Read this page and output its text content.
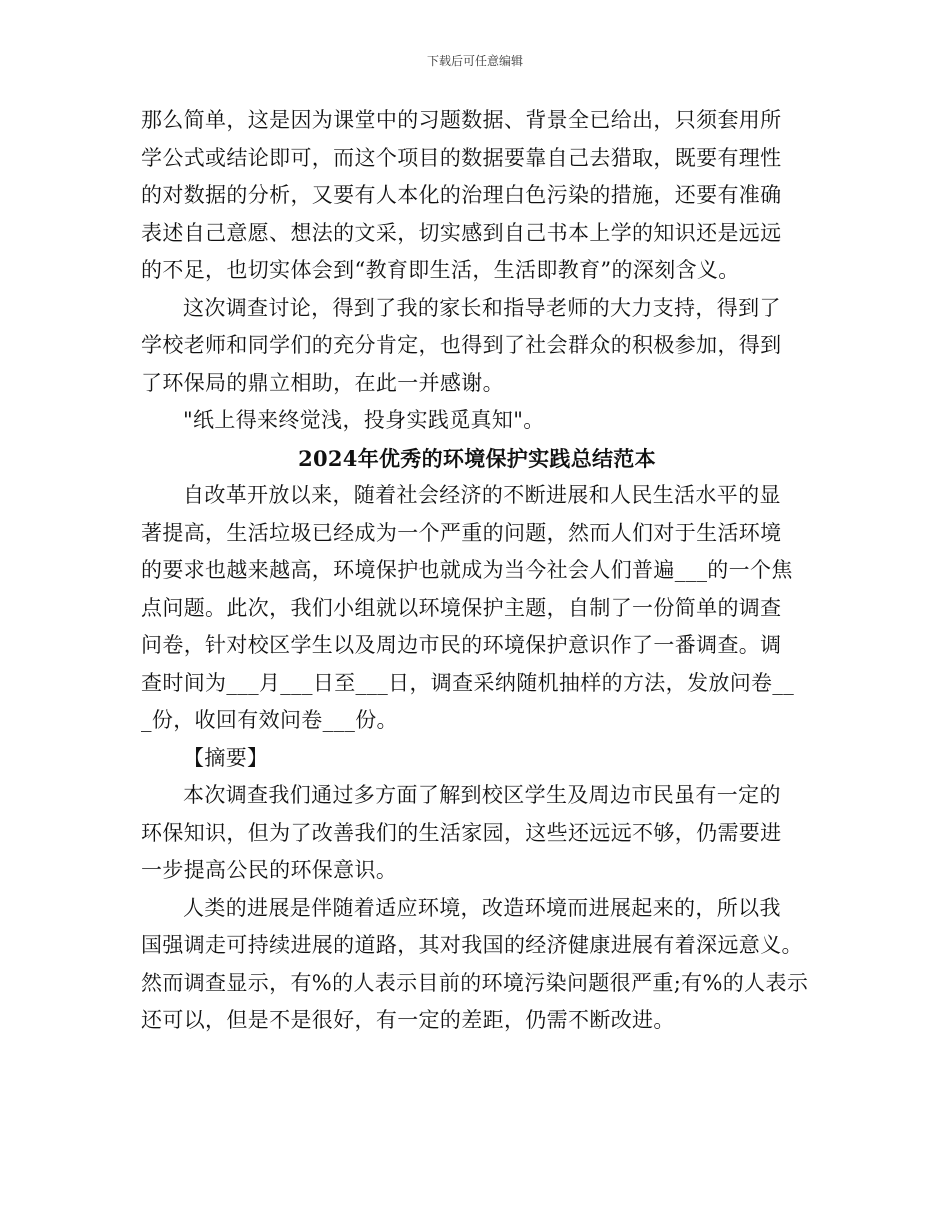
下载后可任意编辑
那么简单，这是因为课堂中的习题数据、背景全已给出，只须套用所
学公式或结论即可，而这个项目的数据要靠自己去猎取，既要有理性
的对数据的分析，又要有人本化的治理白色污染的措施，还要有准确
表述自己意愿、想法的文采，切实感到自己书本上学的知识还是远远
的不足，也切实体会到“教育即生活，生活即教育”的深刻含义。
这次调查讨论，得到了我的家长和指导老师的大力支持，得到了
学校老师和同学们的充分肯定，也得到了社会群众的积极参加，得到
了环保局的鼎立相助，在此一并感谢。
"纸上得来终觉浅，投身实践觅真知"。
2024年优秀的环境保护实践总结范本
自改革开放以来，随着社会经济的不断进展和人民生活水平的显
著提高，生活垃圾已经成为一个严重的问题，然而人们对于生活环境
的要求也越来越高，环境保护也就成为当今社会人们普遍___的一个焦
点问题。此次，我们小组就以环境保护主题，自制了一份简单的调查
问卷，针对校区学生以及周边市民的环境保护意识作了一番调查。调
查时间为___月___日至___日，调查采纳随机抽样的方法，发放问卷__
_份，收回有效问卷___份。
【摘要】
本次调查我们通过多方面了解到校区学生及周边市民虽有一定的
环保知识，但为了改善我们的生活家园，这些还远远不够，仍需要进
一步提高公民的环保意识。
人类的进展是伴随着适应环境，改造环境而进展起来的，所以我
国强调走可持续进展的道路，其对我国的经济健康进展有着深远意义。
然而调查显示，有%的人表示目前的环境污染问题很严重;有%的人表示
还可以，但是不是很好，有一定的差距，仍需不断改进。
